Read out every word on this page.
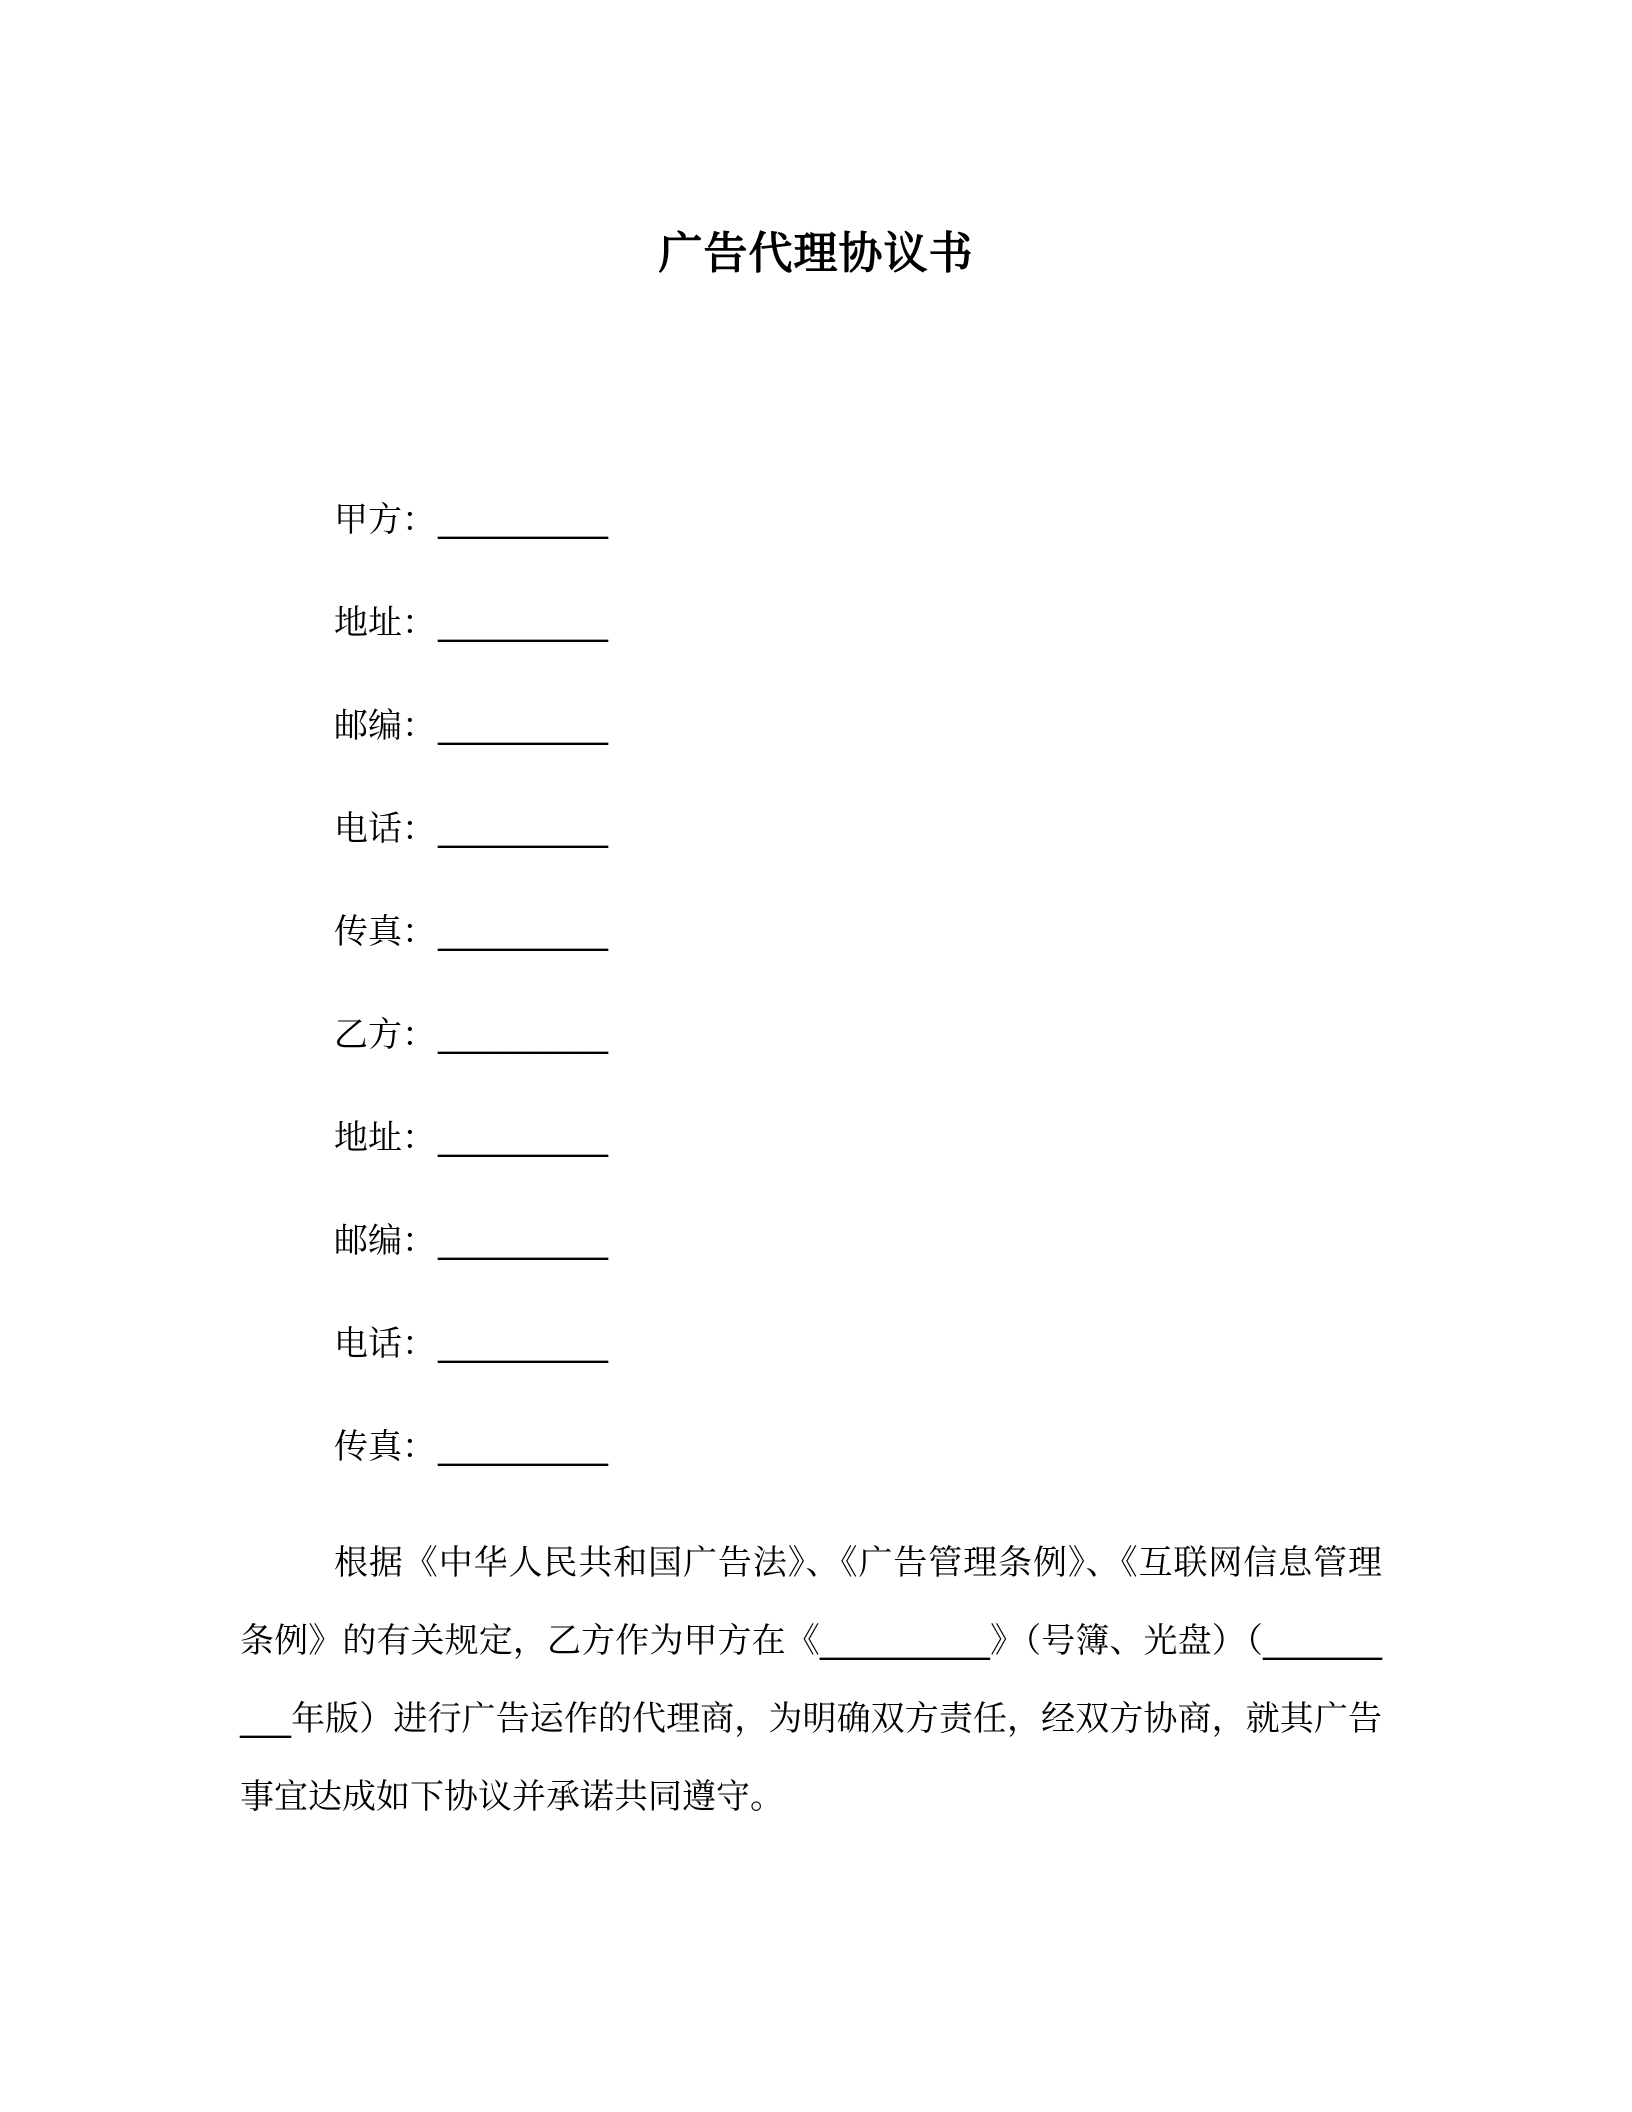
广告代理协议书
甲方：__________
地址：__________
邮编：__________
电话：__________
传真：__________
乙方：__________
地址：__________
邮编：__________
电话：__________
传真：__________

根据《中华人民共和国广告法》、《广告管理条例》、《互联网信息管理条例》的有关规定，乙方作为甲方在《__________》（号簿、光盘）（__________年版）进行广告运作的代理商，为明确双方责任，经双方协商，就其广告事宜达成如下协议并承诺共同遵守。
